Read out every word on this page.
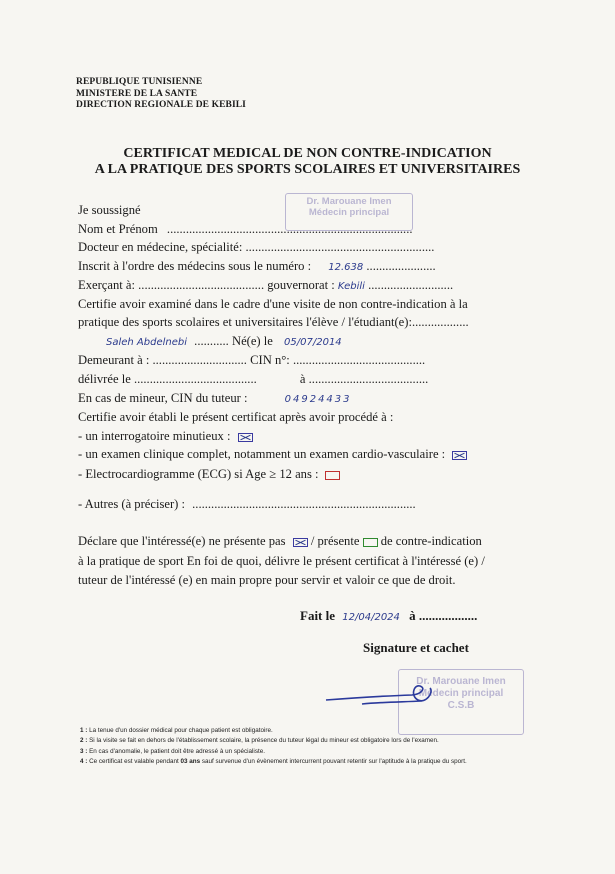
REPUBLIQUE TUNISIENNE
MINISTERE DE LA SANTE
DIRECTION REGIONALE DE KEBILI
CERTIFICAT MEDICAL DE NON CONTRE-INDICATION
A LA PRATIQUE DES SPORTS SCOLAIRES ET UNIVERSITAIRES
Dr. Marouane Imen
Médecin principal
Je soussigné
Nom et Prénom ..............................................................................
Docteur en médecine, spécialité: ............................................................
Inscrit à l'ordre des médecins sous le numéro : 12.638 ......................
Exerçant à: ........................................ gouvernorat : Kebili ...........................
Certifie avoir examiné dans le cadre d'une visite de non contre-indication à la
pratique des sports scolaires et universitaires l'élève / l'étudiant(e):..................
Saleh Abdelnebi ........... Né(e) le 05/07/2014
Demeurant à : .............................. CIN n°: ..........................................
délivrée le .......................................	à ......................................
En cas de mineur, CIN du tuteur :	04924433
Certifie avoir établi le présent certificat après avoir procédé à :
- un interrogatoire minutieux :
- un examen clinique complet, notamment un examen cardio-vasculaire :
- Electrocardiogramme (ECG) si Age ≥ 12 ans :
- Autres (à préciser) : .......................................................................
Déclare que l'intéressé(e) ne présente pas / présente de contre-indication
à la pratique de sport En foi de quoi, délivre le présent certificat à l'intéressé (e) /
tuteur de l'intéressé (e) en main propre pour servir et valoir ce que de droit.
Fait le 12/04/2024 à ..................
Signature et cachet
Dr. Marouane Imen
Médecin principal
C.S.B
1 : La tenue d'un dossier médical pour chaque patient est obligatoire.
2 : Si la visite se fait en dehors de l'établissement scolaire, la présence du tuteur légal du mineur est obligatoire lors de l'examen.
3 : En cas d'anomalie, le patient doit être adressé à un spécialiste.
4 : Ce certificat est valable pendant 03 ans sauf survenue d'un évènement intercurrent pouvant retentir sur l'aptitude à la pratique du sport.
